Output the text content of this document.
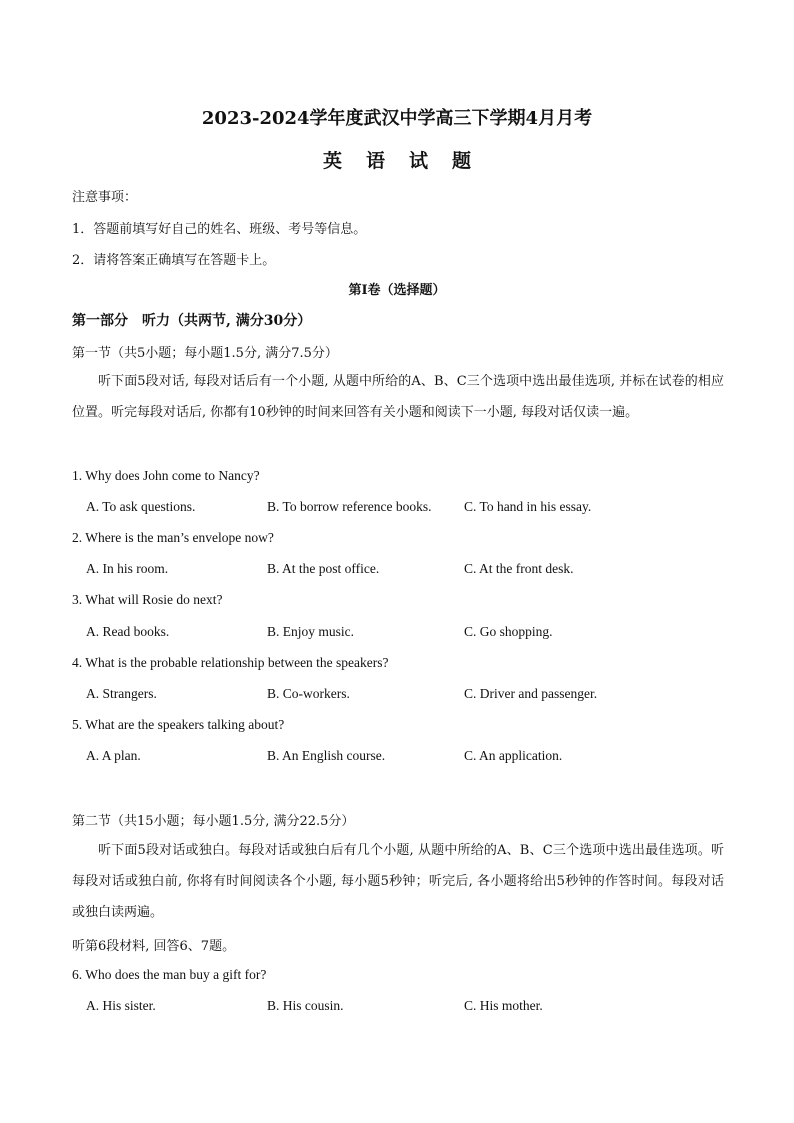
2023-2024学年度武汉中学高三下学期4月月考
英语试题
注意事项：
1．答题前填写好自己的姓名、班级、考号等信息。
2．请将答案正确填写在答题卡上。
第I卷（选择题）
第一部分　听力（共两节, 满分30分）
第一节（共5小题；每小题1.5分, 满分7.5分）
听下面5段对话, 每段对话后有一个小题, 从题中所给的A、B、C三个选项中选出最佳选项, 并标在试卷的相应位置。听完每段对话后, 你都有10秒钟的时间来回答有关小题和阅读下一小题, 每段对话仅读一遍。
1. Why does John come to Nancy?
A. To ask questions.	B. To borrow reference books. C. To hand in his essay.
2. Where is the man’s envelope now?
A. In his room.	B. At the post office.	C. At the front desk.
3. What will Rosie do next?
A. Read books.	B. Enjoy music.	C. Go shopping.
4. What is the probable relationship between the speakers?
A. Strangers.	B. Co-workers.	C. Driver and passenger.
5. What are the speakers talking about?
A. A plan.	B. An English course.	C. An application.
第二节（共15小题；每小题1.5分, 满分22.5分）
听下面5段对话或独白。每段对话或独白后有几个小题, 从题中所给的A、B、C三个选项中选出最佳选项。听每段对话或独白前, 你将有时间阅读各个小题, 每小题5秒钟；听完后, 各小题将给出5秒钟的作答时间。每段对话或独白读两遍。
听第6段材料, 回答6、7题。
6. Who does the man buy a gift for?
A. His sister.	B. His cousin.	C. His mother.
